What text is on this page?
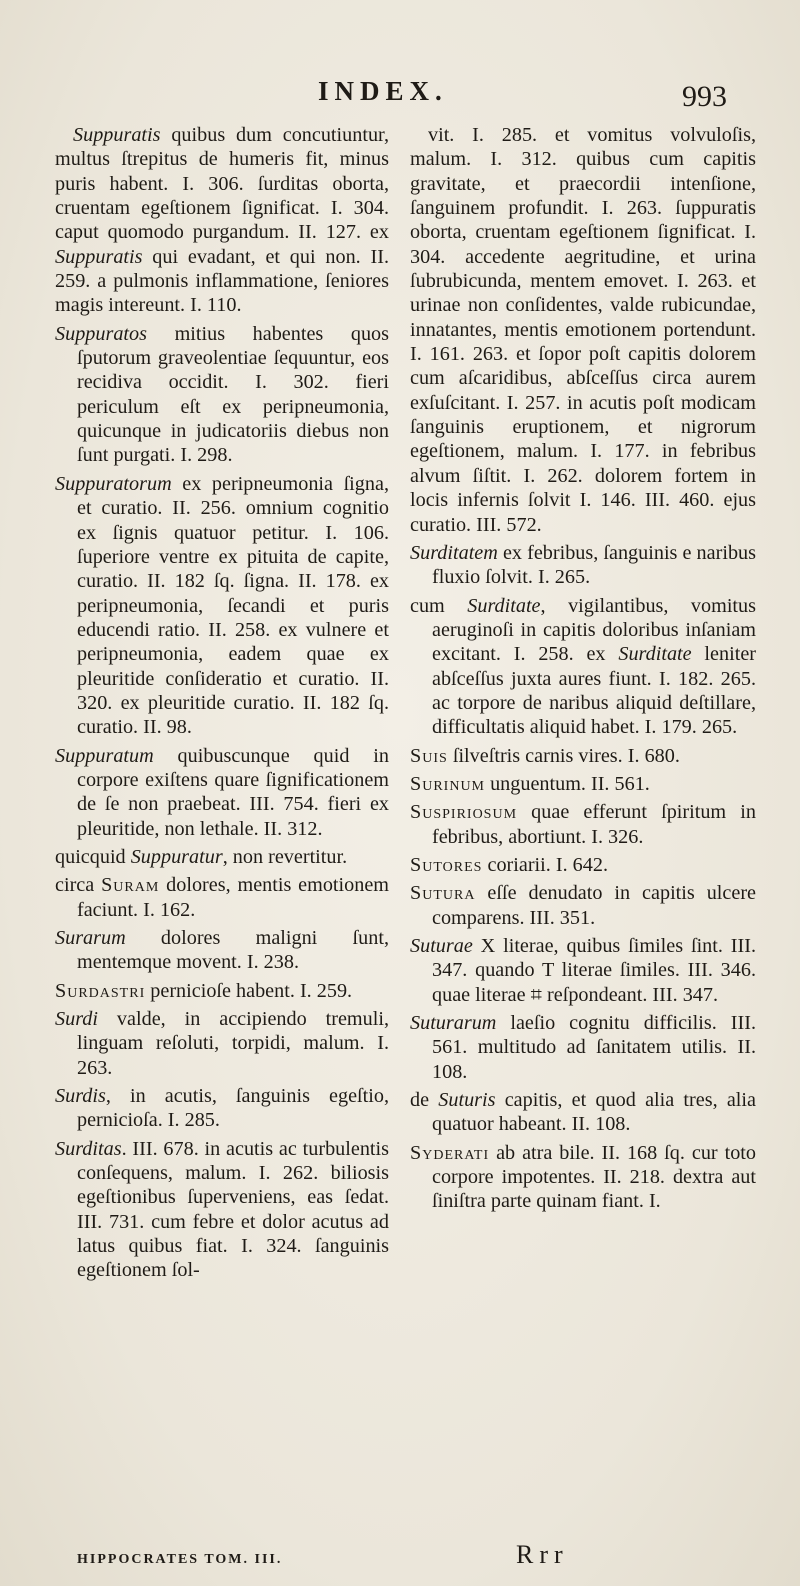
INDEX.	993
Suppuratis quibus dum concutiuntur, multus ſtrepitus de humeris fit, minus puris habent. I. 306. ſurditas oborta, cruentam egeſtionem ſignificat. I. 304. caput quomodo purgandum. II. 127. ex Suppuratis qui evadant, et qui non. II. 259. a pulmonis inflammatione, ſeniores magis intereunt. I. 110.
Suppuratos mitius habentes quos ſputorum graveolentiae ſequuntur, eos recidiva occidit. I. 302. fieri periculum eſt ex peripneumonia, quicunque in judicatoriis diebus non ſunt purgati. I. 298.
Suppuratorum ex peripneumonia ſigna, et curatio. II. 256. omnium cognitio ex ſignis quatuor petitur. I. 106. ſuperiore ventre ex pituita de capite, curatio. II. 182 ſq. ſigna. II. 178. ex peripneumonia, ſecandi et puris educendi ratio. II. 258. ex vulnere et peripneumonia, eadem quae ex pleuritide conſideratio et curatio. II. 320. ex pleuritide curatio. II. 182 ſq. curatio. II. 98.
Suppuratum quibuscunque quid in corpore exiſtens quare ſignificationem de ſe non praebeat. III. 754. fieri ex pleuritide, non lethale. II. 312.
quicquid Suppuratur, non revertitur.
circa Suram dolores, mentis emotionem faciunt. I. 162.
Surarum dolores maligni ſunt, mentemque movent. I. 238.
Surdastri pernicioſe habent. I. 259.
Surdi valde, in accipiendo tremuli, linguam reſoluti, torpidi, malum. I. 263.
Surdis, in acutis, ſanguinis egeſtio, pernicioſa. I. 285.
Surditas. III. 678. in acutis ac turbulentis conſequens, malum. I. 262. biliosis egeſtionibus ſuperveniens, eas ſedat. III. 731. cum febre et dolor acutus ad latus quibus fiat. I. 324. ſanguinis egeſtionem ſol-
vit. I. 285. et vomitus volvuloſis, malum. I. 312. quibus cum capitis gravitate, et praecordii intenſione, ſanguinem profundit. I. 263. ſuppuratis oborta, cruentam egeſtionem ſignificat. I. 304. accedente aegritudine, et urina ſubrubicunda, mentem emovet. I. 263. et urinae non conſidentes, valde rubicundae, innatantes, mentis emotionem portendunt. I. 161. 263. et ſopor poſt capitis dolorem cum aſcaridibus, abſceſſus circa aurem exſuſcitant. I. 257. in acutis poſt modicam ſanguinis eruptionem, et nigrorum egeſtionem, malum. I. 177. in febribus alvum ſiſtit. I. 262. dolorem fortem in locis infernis ſolvit I. 146. III. 460. ejus curatio. III. 572.
Surditatem ex febribus, ſanguinis e naribus fluxio ſolvit. I. 265.
cum Surditate, vigilantibus, vomitus aeruginoſi in capitis doloribus inſaniam excitant. I. 258. ex Surditate leniter abſceſſus juxta aures fiunt. I. 182. 265. ac torpore de naribus aliquid deſtillare, difficultatis aliquid habet. I. 179. 265.
Suis ſilveſtris carnis vires. I. 680.
Surinum unguentum. II. 561.
Suspiriosum quae efferunt ſpiritum in febribus, abortiunt. I. 326.
Sutores coriarii. I. 642.
Sutura eſſe denudato in capitis ulcere comparens. III. 351.
Suturae X literae, quibus ſimiles ſint. III. 347. quando T literae ſimiles. III. 346. quae literae ⌗ reſpondeant. III. 347.
Suturarum laeſio cognitu difficilis. III. 561. multitudo ad ſanitatem utilis. II. 108.
de Suturis capitis, et quod alia tres, alia quatuor habeant. II. 108.
Syderati ab atra bile. II. 168 ſq. cur toto corpore impotentes. II. 218. dextra aut ſiniſtra parte quinam fiant. I.
HIPPOCRATES TOM. III.	Rrr
